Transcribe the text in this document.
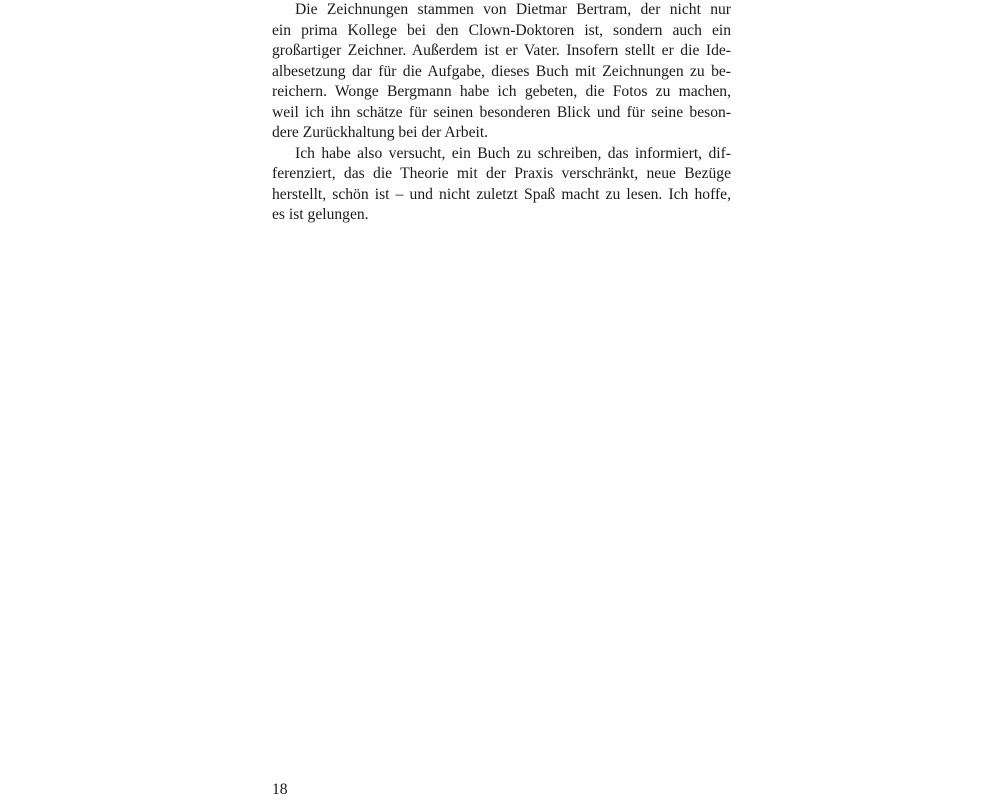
Die Zeichnungen stammen von Dietmar Bertram, der nicht nur
ein prima Kollege bei den Clown-Doktoren ist, sondern auch ein
großartiger Zeichner. Außerdem ist er Vater. Insofern stellt er die Ide-
albesetzung dar für die Aufgabe, dieses Buch mit Zeichnungen zu be-
reichern. Wonge Bergmann habe ich gebeten, die Fotos zu machen,
weil ich ihn schätze für seinen besonderen Blick und für seine beson-
dere Zurückhaltung bei der Arbeit.
Ich habe also versucht, ein Buch zu schreiben, das informiert, dif-
ferenziert, das die Theorie mit der Praxis verschränkt, neue Bezüge
herstellt, schön ist – und nicht zuletzt Spaß macht zu lesen. Ich hoffe,
es ist gelungen.
18
